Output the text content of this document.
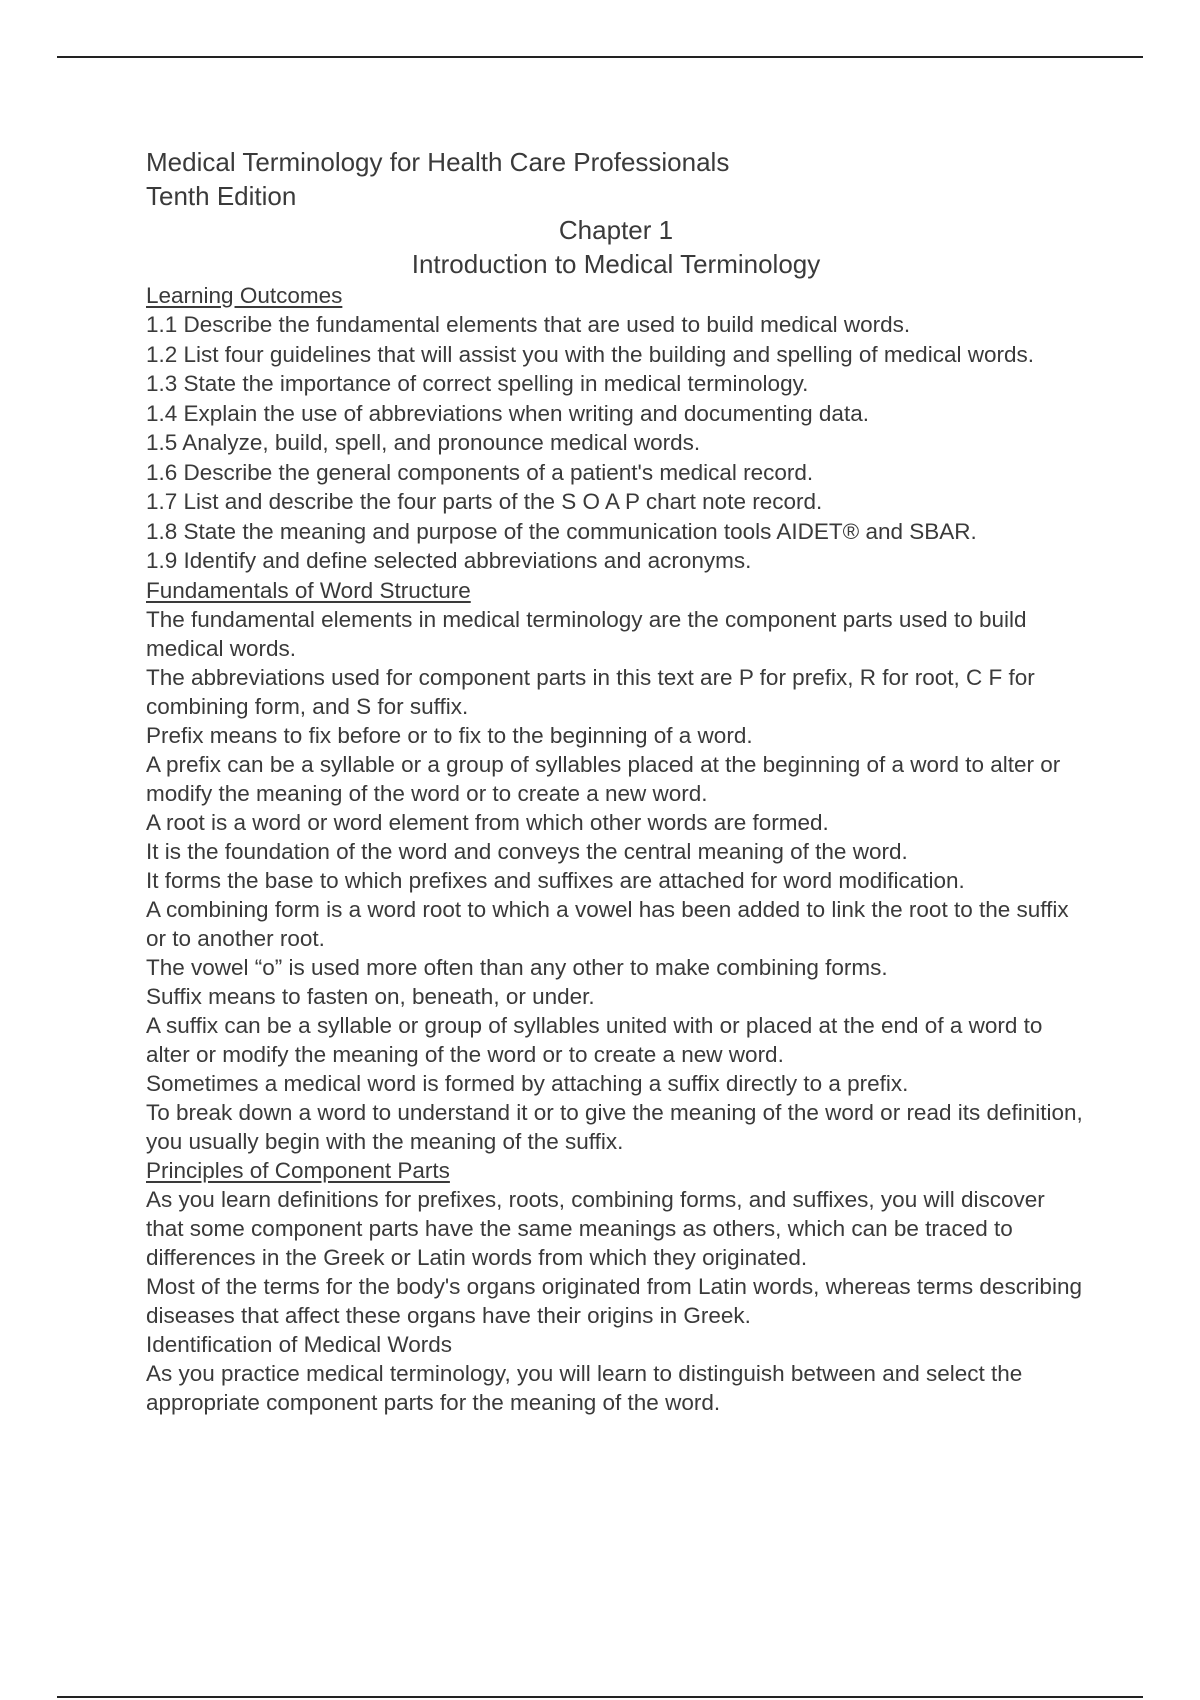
Medical Terminology for Health Care Professionals
Tenth Edition
Chapter 1
Introduction to Medical Terminology
Learning Outcomes
1.1 Describe the fundamental elements that are used to build medical words.
1.2 List four guidelines that will assist you with the building and spelling of medical words.
1.3 State the importance of correct spelling in medical terminology.
1.4 Explain the use of abbreviations when writing and documenting data.
1.5 Analyze, build, spell, and pronounce medical words.
1.6 Describe the general components of a patient's medical record.
1.7 List and describe the four parts of the S O A P chart note record.
1.8 State the meaning and purpose of the communication tools AIDET® and SBAR.
1.9 Identify and define selected abbreviations and acronyms.
Fundamentals of Word Structure

The fundamental elements in medical terminology are the component parts used to build medical words.

The abbreviations used for component parts in this text are P for prefix, R for root, C F for combining form, and S for suffix.

Prefix means to fix before or to fix to the beginning of a word.

A prefix can be a syllable or a group of syllables placed at the beginning of a word to alter or modify the meaning of the word or to create a new word.

A root is a word or word element from which other words are formed.

It is the foundation of the word and conveys the central meaning of the word.

It forms the base to which prefixes and suffixes are attached for word modification.

A combining form is a word root to which a vowel has been added to link the root to the suffix or to another root.

The vowel “o” is used more often than any other to make combining forms.

Suffix means to fasten on, beneath, or under.

A suffix can be a syllable or group of syllables united with or placed at the end of a word to alter or modify the meaning of the word or to create a new word.

Sometimes a medical word is formed by attaching a suffix directly to a prefix.

To break down a word to understand it or to give the meaning of the word or read its definition, you usually begin with the meaning of the suffix.

Principles of Component Parts

As you learn definitions for prefixes, roots, combining forms, and suffixes, you will discover that some component parts have the same meanings as others, which can be traced to differences in the Greek or Latin words from which they originated.

Most of the terms for the body's organs originated from Latin words, whereas terms describing diseases that affect these organs have their origins in Greek.

Identification of Medical Words

As you practice medical terminology, you will learn to distinguish between and select the appropriate component parts for the meaning of the word.
